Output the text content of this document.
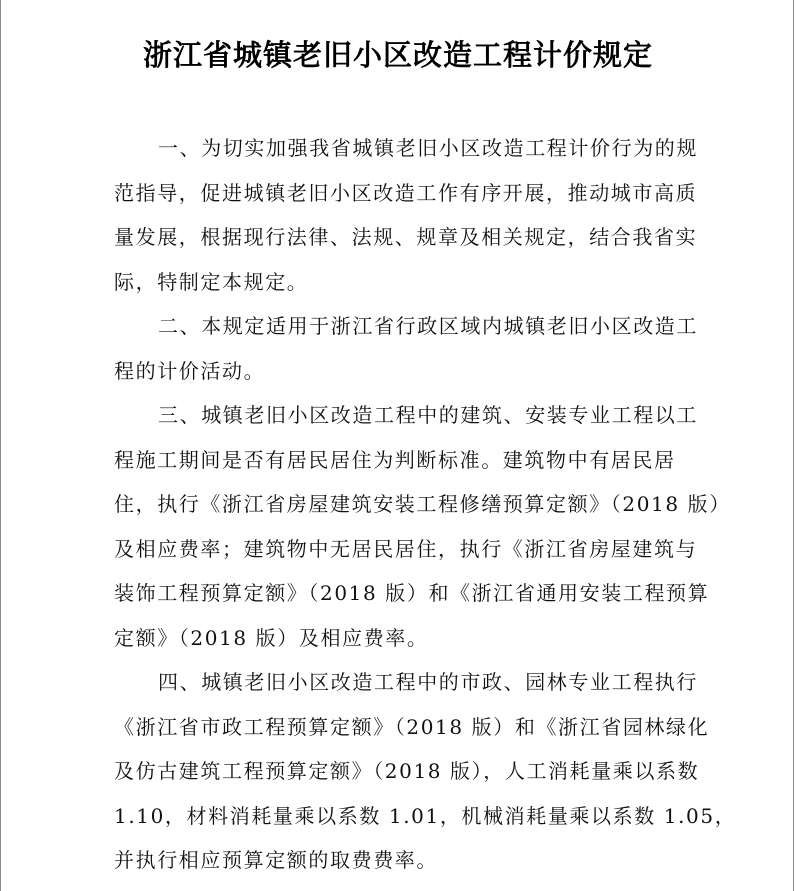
浙江省城镇老旧小区改造工程计价规定

一、为切实加强我省城镇老旧小区改造工程计价行为的规
范指导，促进城镇老旧小区改造工作有序开展，推动城市高质
量发展，根据现行法律、法规、规章及相关规定，结合我省实
际，特制定本规定。

二、本规定适用于浙江省行政区域内城镇老旧小区改造工
程的计价活动。

三、城镇老旧小区改造工程中的建筑、安装专业工程以工
程施工期间是否有居民居住为判断标准。建筑物中有居民居
住，执行《浙江省房屋建筑安装工程修缮预算定额》（2018 版）
及相应费率；建筑物中无居民居住，执行《浙江省房屋建筑与
装饰工程预算定额》（2018 版）和《浙江省通用安装工程预算
定额》（2018 版）及相应费率。

四、城镇老旧小区改造工程中的市政、园林专业工程执行
《浙江省市政工程预算定额》（2018 版）和《浙江省园林绿化
及仿古建筑工程预算定额》（2018 版），人工消耗量乘以系数
1.10，材料消耗量乘以系数 1.01，机械消耗量乘以系数 1.05，
并执行相应预算定额的取费费率。
